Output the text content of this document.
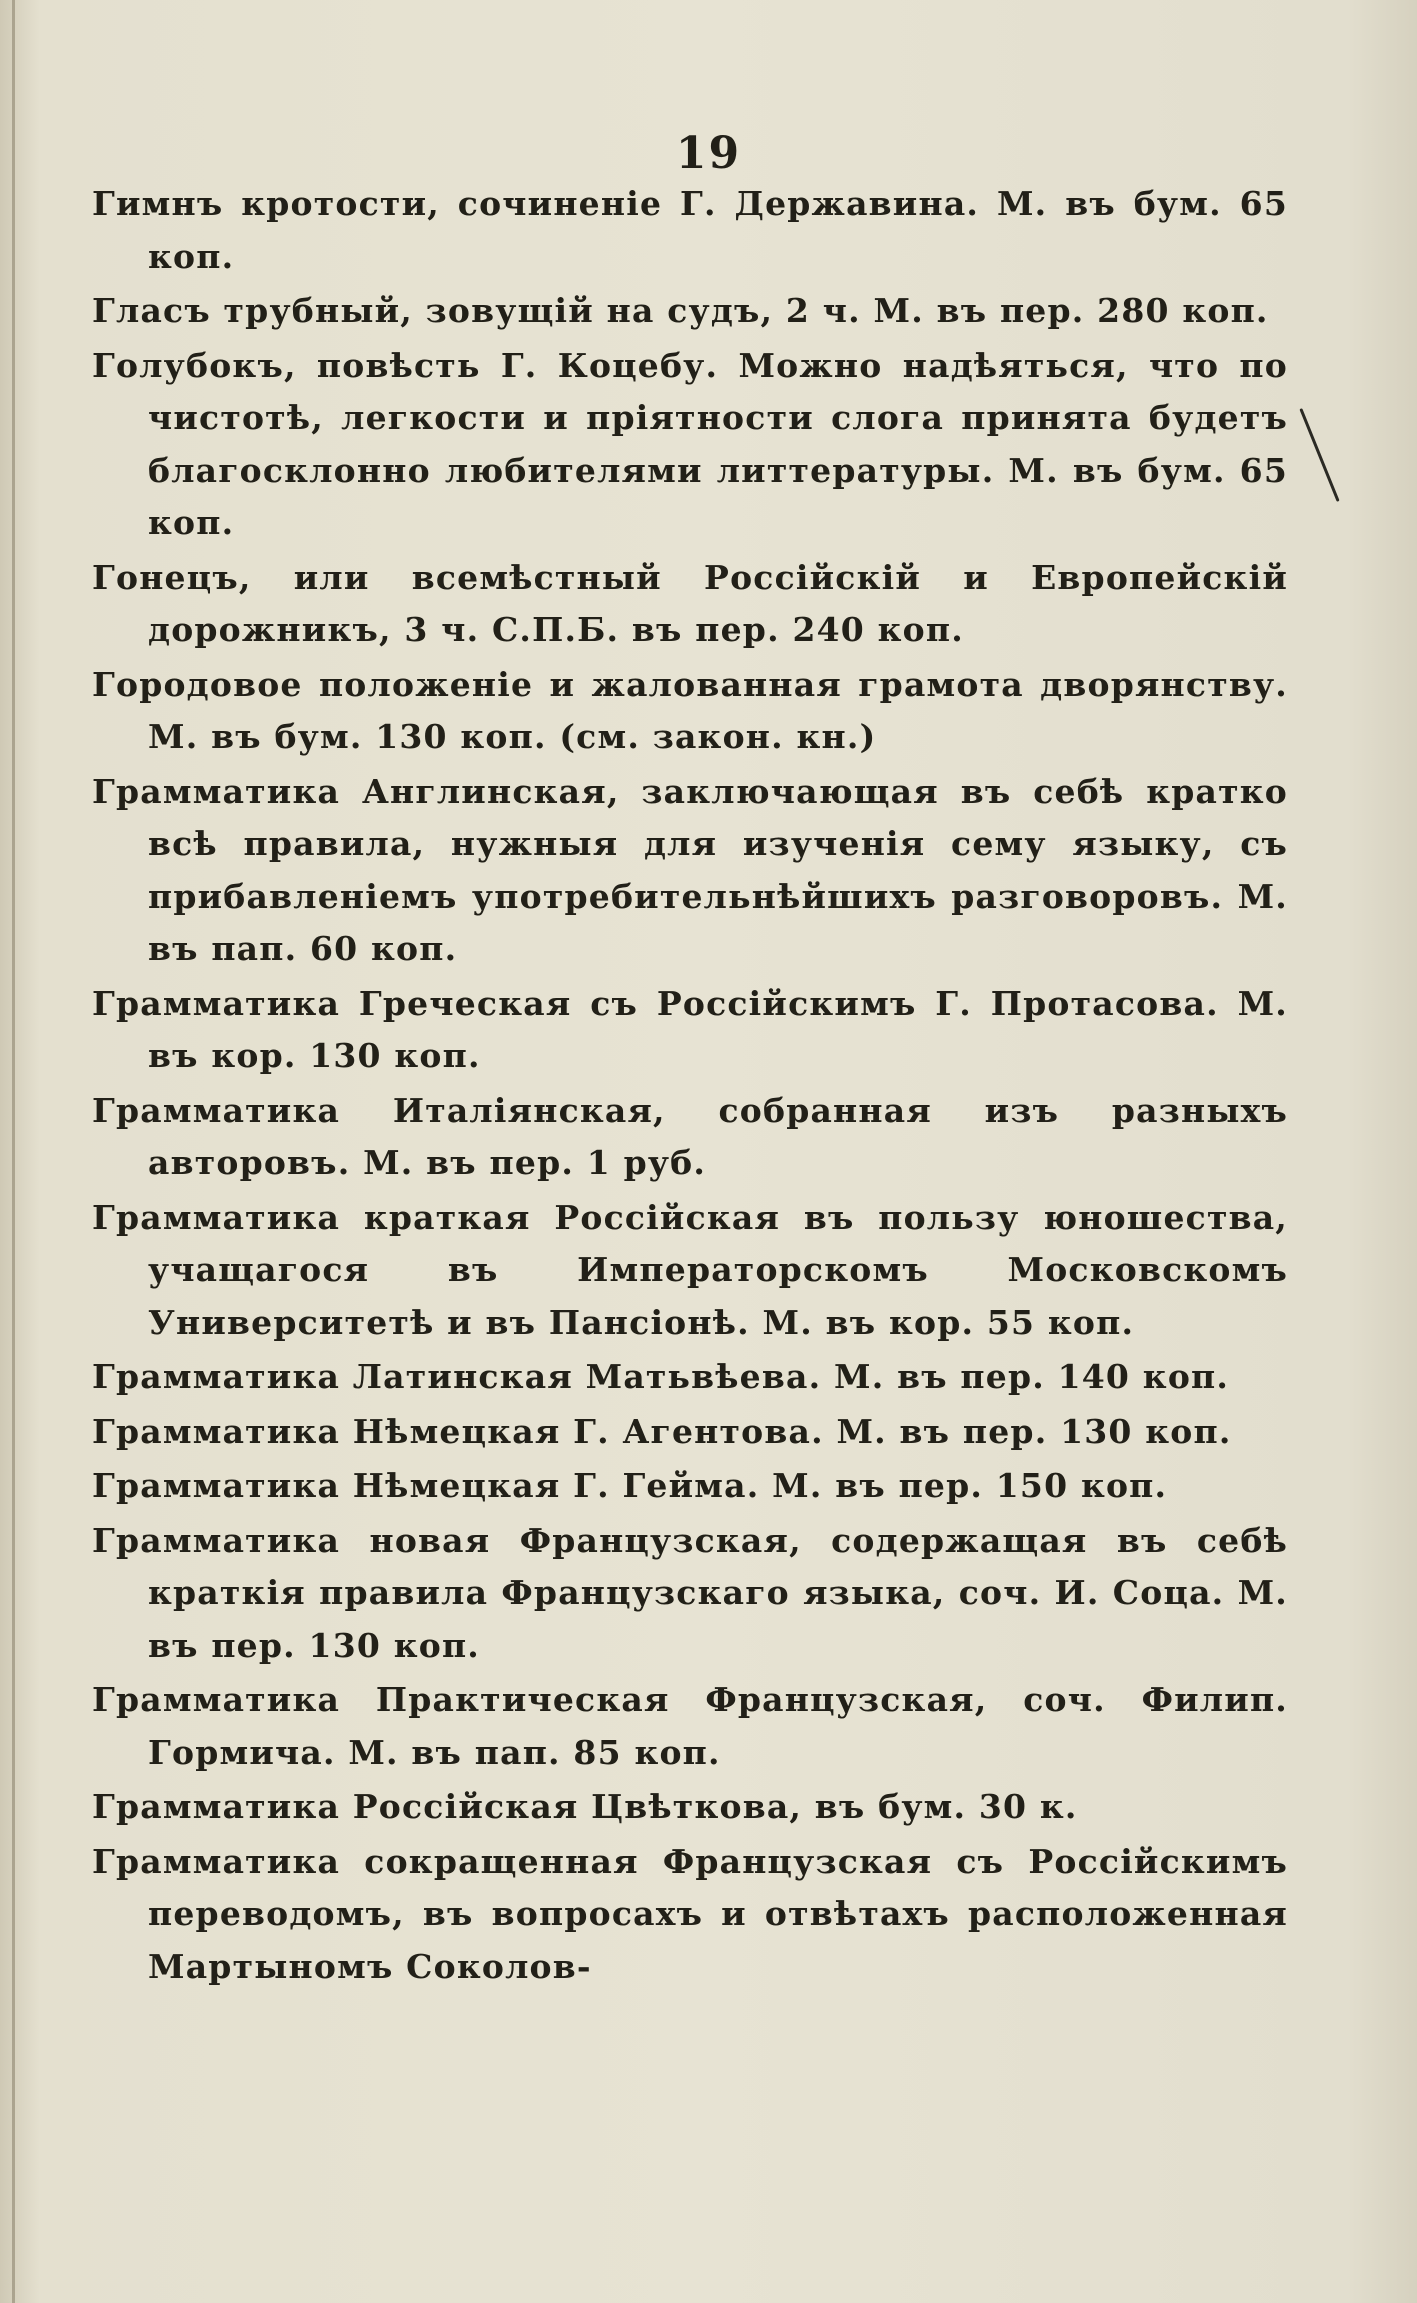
19

Гимнъ кротости, сочиненіе Г. Державина. М. въ бум. 65 коп.

Гласъ трубный, зовущій на судъ, 2 ч. М. въ пер. 280 коп.

Голубокъ, повѣсть Г. Коцебу. Можно надѣяться, что по чистотѣ, легкости и пріятности слога принята будетъ благосклонно любителями литтературы. М. въ бум. 65 коп.

Гонецъ, или всемѣстный Россійскій и Европейскій дорожникъ, 3 ч. С.П.Б. въ пер. 240 коп.

Городовое положеніе и жалованная грамота дворянству. М. въ бум. 130 коп. (см. закон. кн.)

Грамматика Англинская, заключающая въ себѣ кратко всѣ правила, нужныя для изученія сему языку, съ прибавленіемъ употребительнѣйшихъ разговоровъ. М. въ пап. 60 коп.

Грамматика Греческая съ Россійскимъ Г. Протасова. М. въ кор. 130 коп.

Грамматика Италіянская, собранная изъ разныхъ авторовъ. М. въ пер. 1 руб.

Грамматика краткая Россійская въ пользу юношества, учащагося въ Императорскомъ Московскомъ Университетѣ и въ Пансіонѣ. М. въ кор. 55 коп.

Грамматика Латинская Матьвѣева. М. въ пер. 140 коп.

Грамматика Нѣмецкая Г. Агентова. М. въ пер. 130 коп.

Грамматика Нѣмецкая Г. Гейма. М. въ пер. 150 коп.

Грамматика новая Французская, содержащая въ себѣ краткія правила Французскаго языка, соч. И. Соца. М. въ пер. 130 коп.

Грамматика Практическая Французская, соч. Филип. Гормича. М. въ пап. 85 коп.

Грамматика Россійская Цвѣткова, въ бум. 30 к.

Грамматика сокращенная Французская съ Россійскимъ переводомъ, въ вопросахъ и отвѣтахъ расположенная Мартыномъ Соколов-
